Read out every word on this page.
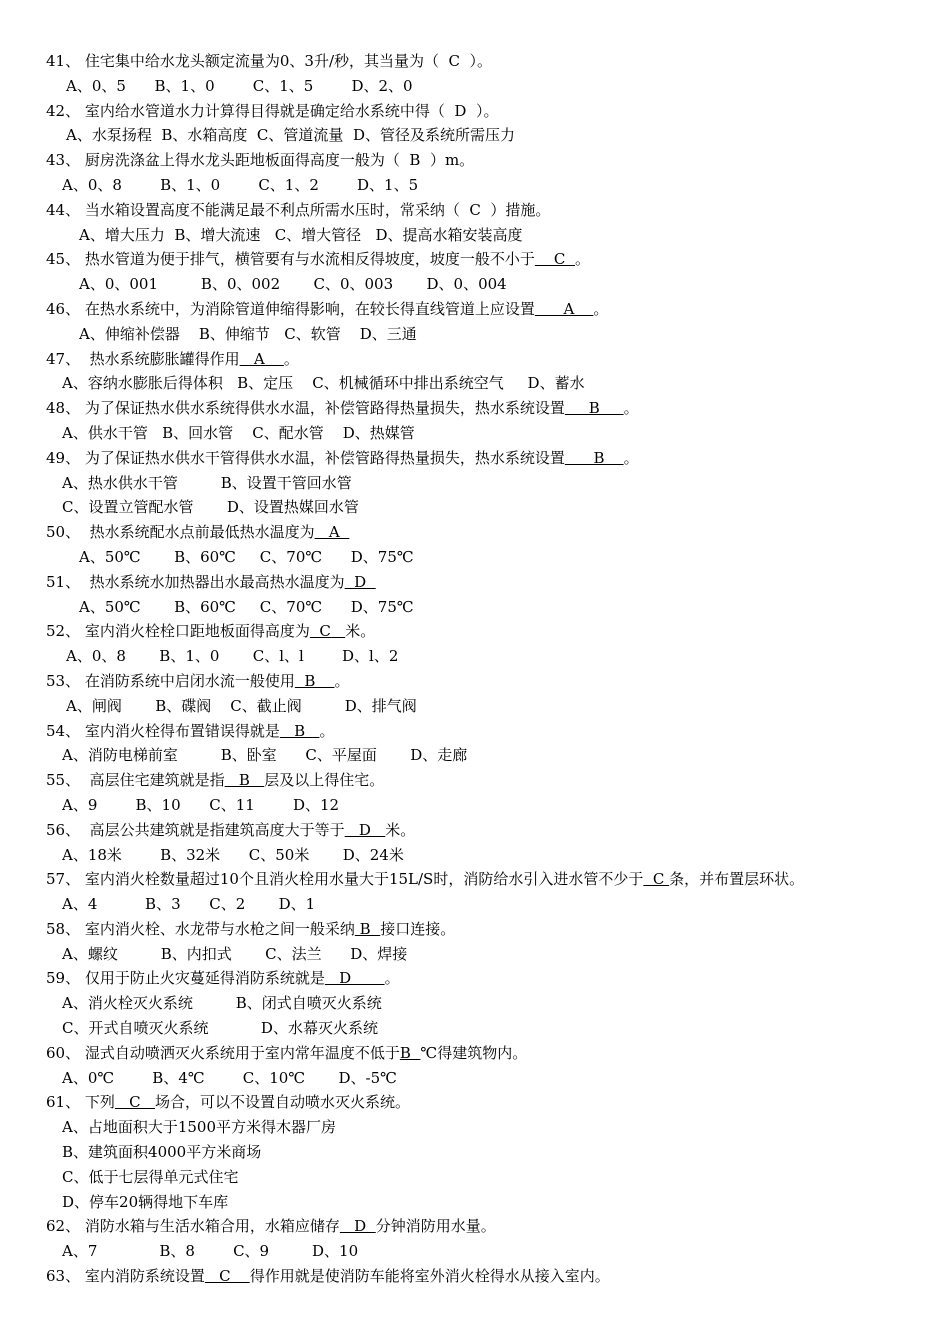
41、 住宅集中给水龙头额定流量为0、3升/秒，其当量为（  C  ）。
A、0、5      B、1、0        C、1、5        D、2、0
42、 室内给水管道水力计算得目得就是确定给水系统中得（  D  ）。
A、水泵扬程  B、水箱高度  C、管道流量  D、管径及系统所需压力
43、 厨房洗涤盆上得水龙头距地板面得高度一般为（  B  ）m。
A、0、8        B、1、0        C、1、2        D、1、5
44、 当水箱设置高度不能满足最不利点所需水压时，常采纳（  C  ）措施。
A、增大压力  B、增大流速   C、增大管径   D、提高水箱安装高度
45、 热水管道为便于排气，横管要有与水流相反得坡度，坡度一般不小于    C  。
A、0、001         B、0、002       C、0、003       D、0、004
46、 在热水系统中，为消除管道伸缩得影响，在较长得直线管道上应设置      A    。
A、伸缩补偿器    B、伸缩节   C、软管    D、三通
47、  热水系统膨胀罐得作用   A    。
A、容纳水膨胀后得体积   B、定压    C、机械循环中排出系统空气     D、蓄水
48、 为了保证热水供水系统得供水水温，补偿管路得热量损失，热水系统设置     B     。
A、供水干管   B、回水管    C、配水管    D、热媒管
49、 为了保证热水供水干管得供水水温，补偿管路得热量损失，热水系统设置      B    。
A、热水供水干管         B、设置干管回水管
C、设置立管配水管       D、设置热媒回水管
50、  热水系统配水点前最低热水温度为   A
A、50℃       B、60℃     C、70℃      D、75℃
51、  热水系统水加热器出水最高热水温度为  D
A、50℃       B、60℃     C、70℃      D、75℃
52、 室内消火栓栓口距地板面得高度为  C   米。
A、0、8       B、1、0       C、l、l        D、l、2
53、 在消防系统中启闭水流一般使用  B    。
A、闸阀       B、碟阀    C、截止阀         D、排气阀
54、 室内消火栓得布置错误得就是   B   。
A、消防电梯前室         B、卧室      C、平屋面       D、走廊
55、  高层住宅建筑就是指   B   层及以上得住宅。
A、9        B、10      C、11        D、12
56、  高层公共建筑就是指建筑高度大于等于   D   米。
A、18米        B、32米      C、50米       D、24米
57、 室内消火栓数量超过10个且消火栓用水量大于15L/S时，消防给水引入进水管不少于  C 条，并布置层环状。
A、4          B、3      C、2       D、1
58、 室内消火栓、水龙带与水枪之间一般采纳 B  接口连接。
A、螺纹         B、内扣式       C、法兰      D、焊接
59、 仅用于防止火灾蔓延得消防系统就是   D       。
A、消火栓灭火系统         B、闭式自喷灭火系统
C、开式自喷灭火系统           D、水幕灭火系统
60、 湿式自动喷洒灭火系统用于室内常年温度不低于B  ℃得建筑物内。
A、0℃        B、4℃        C、10℃       D、-5℃
61、 下列   C   场合，可以不设置自动喷水灭火系统。
A、占地面积大于1500平方米得木器厂房
B、建筑面积4000平方米商场
C、低于七层得单元式住宅
D、停车20辆得地下车库
62、 消防水箱与生活水箱合用，水箱应储存   D  分钟消防用水量。
A、7             B、8        C、9         D、10
63、 室内消防系统设置   C    得作用就是使消防车能将室外消火栓得水从接入室内。
